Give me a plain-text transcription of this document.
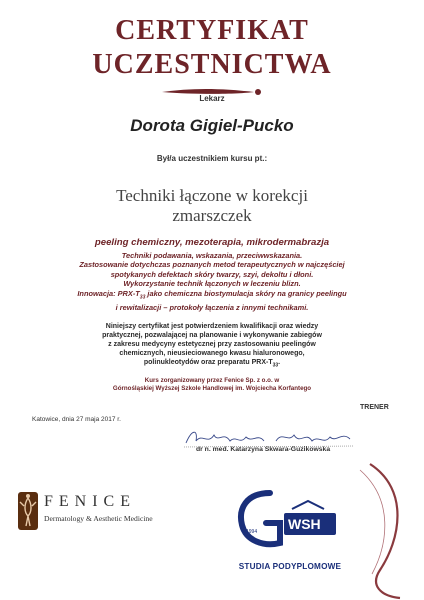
CERTYFIKAT
UCZESTNICTWA
Lekarz
Dorota Gigiel-Pucko
Był/a uczestnikiem kursu pt.:
Techniki łączone w korekcji
zmarszczek
peeling chemiczny, mezoterapia, mikrodermabrazja
Techniki podawania, wskazania, przeciwwskazania.
Zastosowanie dotychczas poznanych metod terapeutycznych w najczęściej
spotykanych defektach skóry twarzy, szyi, dekoltu i dłoni.
Wykorzystanie technik łączonych w leczeniu blizn.
Innowacja: PRX-$T_{33}$ jako chemiczna biostymulacja skóry na granicy peelingu
i rewitalizacji – protokoły łączenia z innymi technikami.
Niniejszy certyfikat jest potwierdzeniem kwalifikacji oraz wiedzy
praktycznej, pozwalającej na planowanie i wykonywanie zabiegów
z zakresu medycyny estetycznej przy zastosowaniu peelingów
chemicznych, nieusieciowanego kwasu hialuronowego,
polinukleotydów oraz preparatu PRX-$T_{33}$.
Kurs zorganizowany przez Fenice Sp. z o.o. w
Górnośląskiej Wyższej Szkole Handlowej im. Wojciecha Korfantego
TRENER
Katowice, dnia 27 maja 2017 r.
dr n. med. Katarzyna Skwara-Guzikowska
FENICE
Dermatology & Aesthetic Medicine	WSH
1994
STUDIA PODYPLOMOWE
